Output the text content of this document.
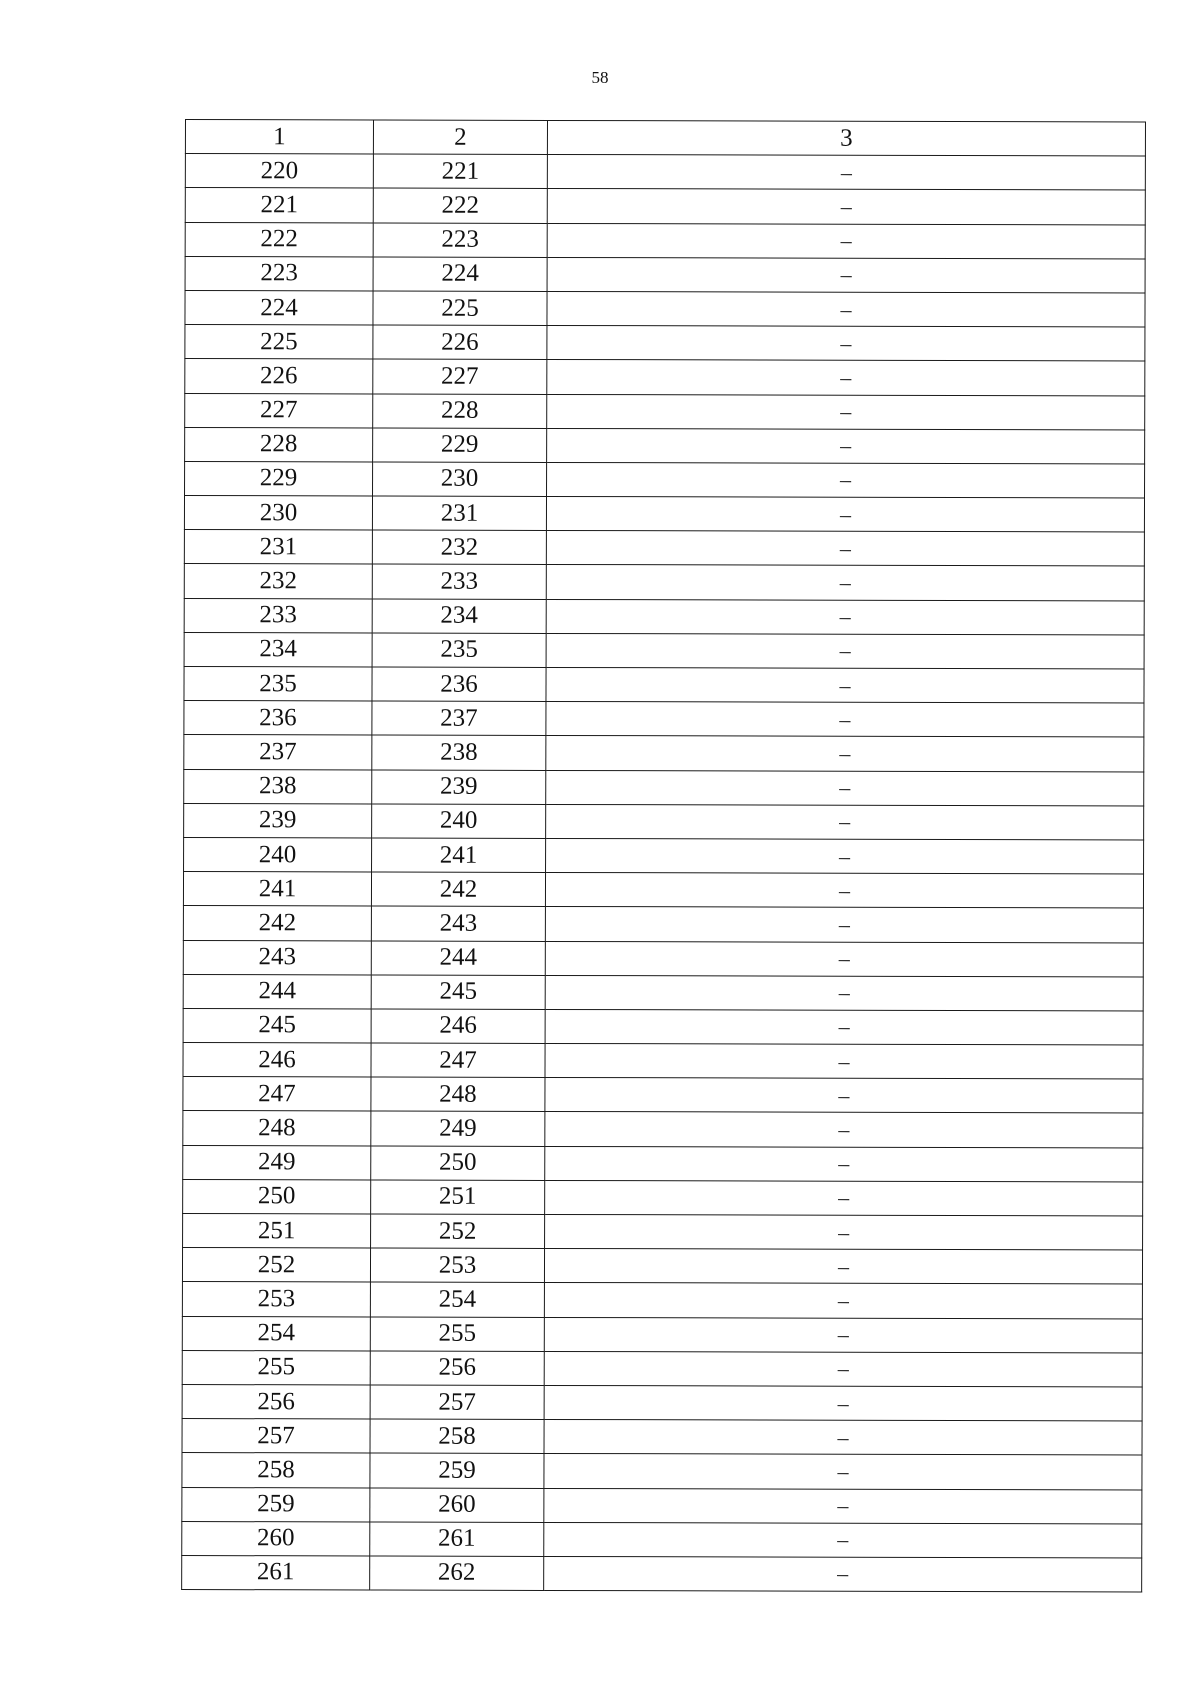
58
1	2	3
220	221	–
221	222	–
222	223	–
223	224	–
224	225	–
225	226	–
226	227	–
227	228	–
228	229	–
229	230	–
230	231	–
231	232	–
232	233	–
233	234	–
234	235	–
235	236	–
236	237	–
237	238	–
238	239	–
239	240	–
240	241	–
241	242	–
242	243	–
243	244	–
244	245	–
245	246	–
246	247	–
247	248	–
248	249	–
249	250	–
250	251	–
251	252	–
252	253	–
253	254	–
254	255	–
255	256	–
256	257	–
257	258	–
258	259	–
259	260	–
260	261	–
261	262	–
